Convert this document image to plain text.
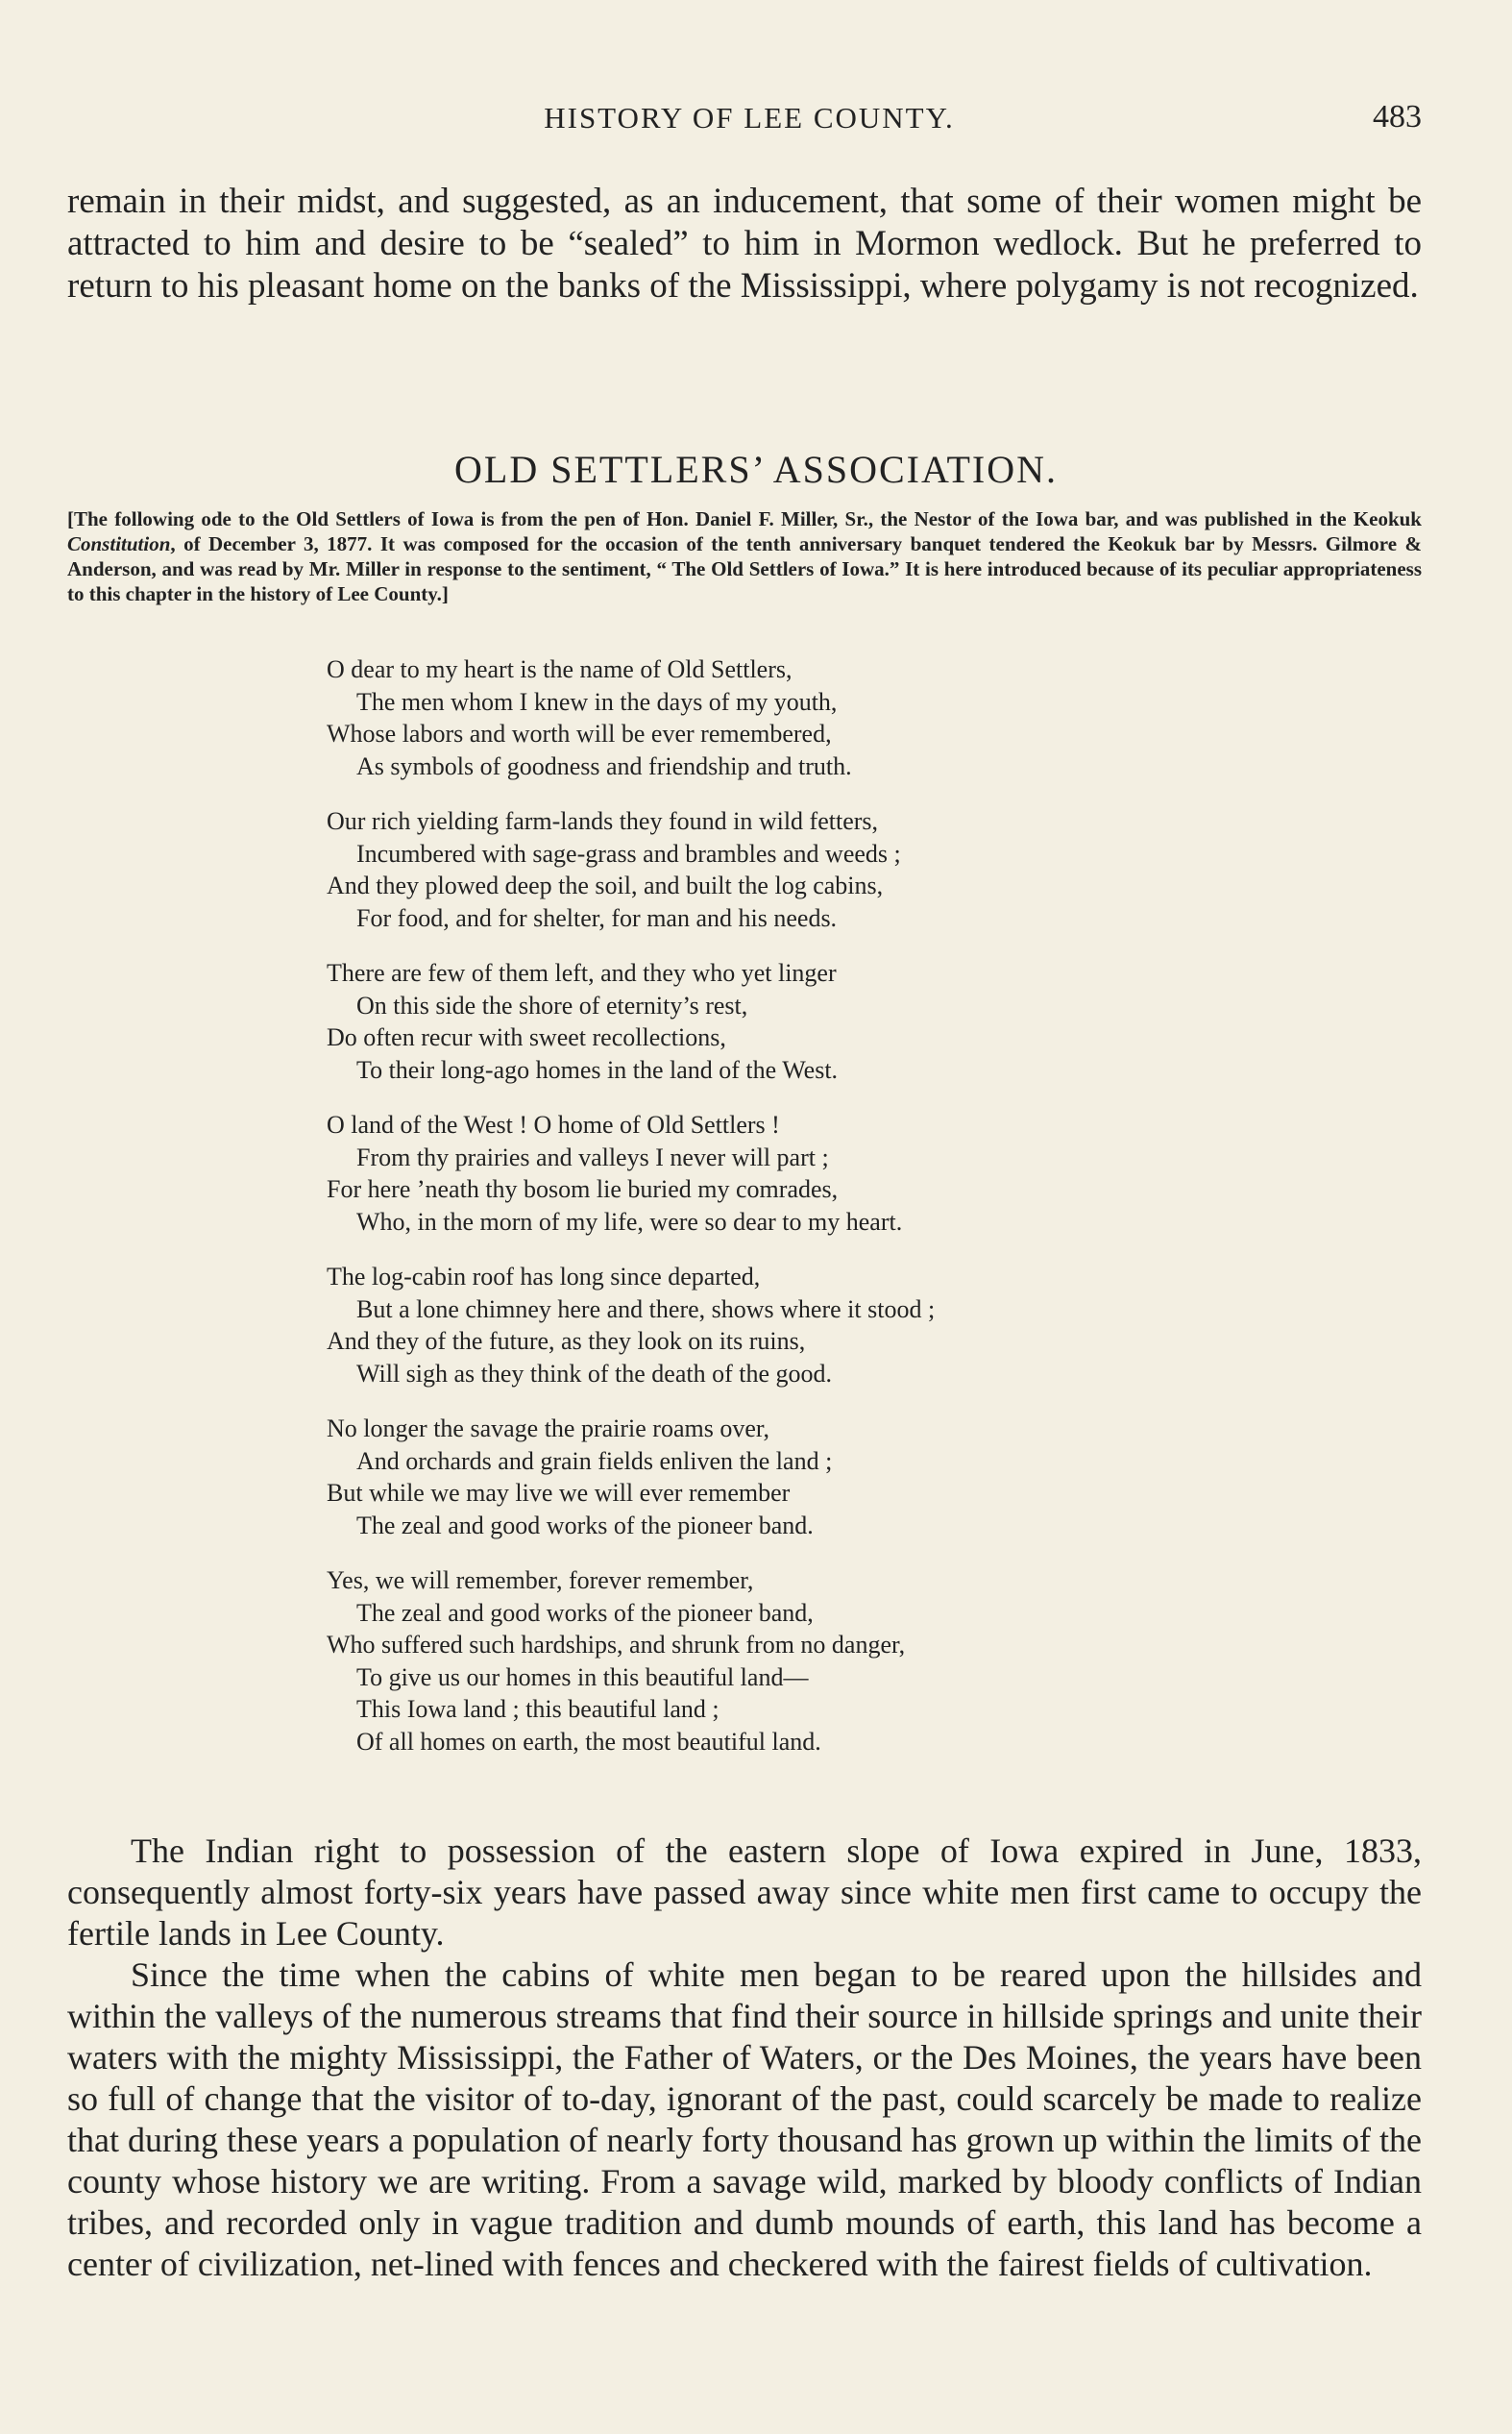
HISTORY OF LEE COUNTY.	483
remain in their midst, and suggested, as an inducement, that some of their women might be attracted to him and desire to be “sealed” to him in Mormon wedlock. But he preferred to return to his pleasant home on the banks of the Mississippi, where polygamy is not recognized.
OLD SETTLERS’ ASSOCIATION.
[The following ode to the Old Settlers of Iowa is from the pen of Hon. Daniel F. Miller, Sr., the Nestor of the Iowa bar, and was published in the Keokuk Constitution, of December 3, 1877. It was composed for the occasion of the tenth anniversary banquet tendered the Keokuk bar by Messrs. Gilmore & Anderson, and was read by Mr. Miller in response to the sentiment, “ The Old Settlers of Iowa.” It is here introduced because of its peculiar appropriateness to this chapter in the history of Lee County.]
O dear to my heart is the name of Old Settlers,
The men whom I knew in the days of my youth,
Whose labors and worth will be ever remembered,
As symbols of goodness and friendship and truth.
Our rich yielding farm-lands they found in wild fetters,
Incumbered with sage-grass and brambles and weeds ;
And they plowed deep the soil, and built the log cabins,
For food, and for shelter, for man and his needs.
There are few of them left, and they who yet linger
On this side the shore of eternity’s rest,
Do often recur with sweet recollections,
To their long-ago homes in the land of the West.
O land of the West ! O home of Old Settlers !
From thy prairies and valleys I never will part ;
For here ’neath thy bosom lie buried my comrades,
Who, in the morn of my life, were so dear to my heart.
The log-cabin roof has long since departed,
But a lone chimney here and there, shows where it stood ;
And they of the future, as they look on its ruins,
Will sigh as they think of the death of the good.
No longer the savage the prairie roams over,
And orchards and grain fields enliven the land ;
But while we may live we will ever remember
The zeal and good works of the pioneer band.
Yes, we will remember, forever remember,
The zeal and good works of the pioneer band,
Who suffered such hardships, and shrunk from no danger,
To give us our homes in this beautiful land—
This Iowa land ; this beautiful land ;
Of all homes on earth, the most beautiful land.

The Indian right to possession of the eastern slope of Iowa expired in June, 1833, consequently almost forty-six years have passed away since white men first came to occupy the fertile lands in Lee County.

Since the time when the cabins of white men began to be reared upon the hillsides and within the valleys of the numerous streams that find their source in hillside springs and unite their waters with the mighty Mississippi, the Father of Waters, or the Des Moines, the years have been so full of change that the visitor of to-day, ignorant of the past, could scarcely be made to realize that during these years a population of nearly forty thousand has grown up within the limits of the county whose history we are writing. From a savage wild, marked by bloody conflicts of Indian tribes, and recorded only in vague tradition and dumb mounds of earth, this land has become a center of civilization, net-lined with fences and checkered with the fairest fields of cultivation.
